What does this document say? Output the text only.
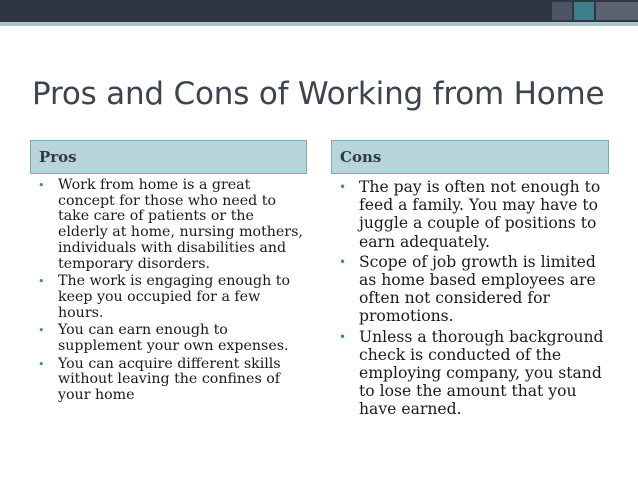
Pros and Cons of Working from Home
Pros	Cons
• Work from home is a great concept for those who need to take care of patients or the elderly at home, nursing mothers, individuals with disabilities and temporary disorders.
• The work is engaging enough to keep you occupied for a few hours.
• You can earn enough to supplement your own expenses.
• You can acquire different skills without leaving the confines of your home
• The pay is often not enough to feed a family. You may have to juggle a couple of positions to earn adequately.
• Scope of job growth is limited as home based employees are often not considered for promotions.
• Unless a thorough background check is conducted of the employing company, you stand to lose the amount that you have earned.
